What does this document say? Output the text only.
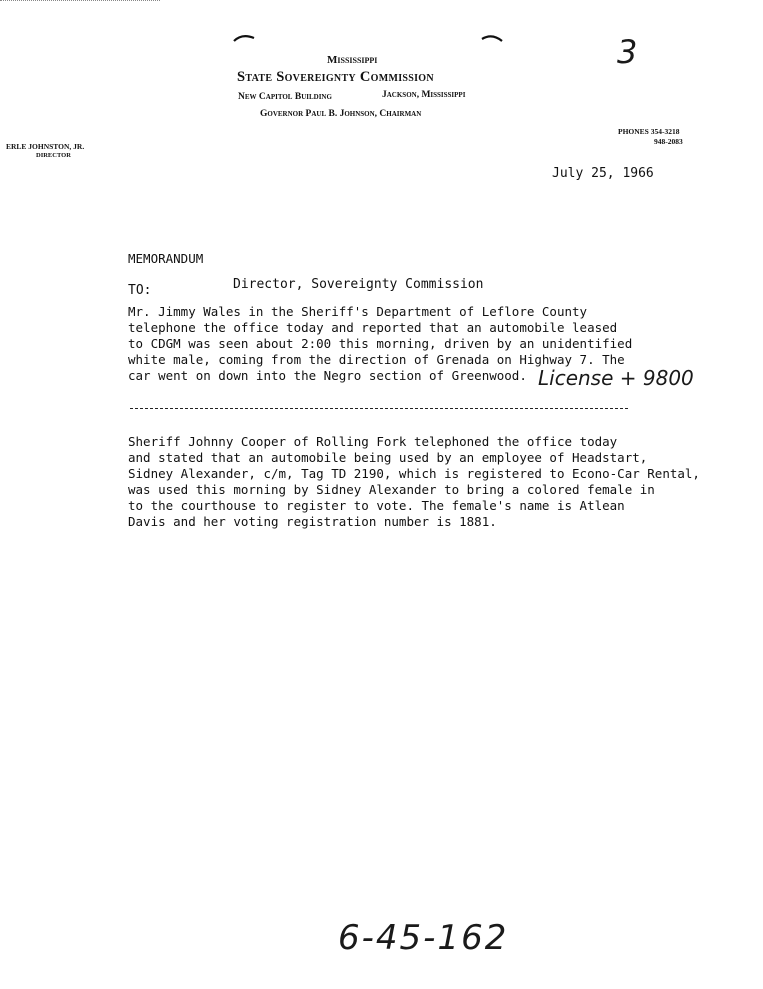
Mississippi
State Sovereignty Commission
New Capitol Building	Jackson, Mississippi
Governor Paul B. Johnson, Chairman
PHONES 354-3218
948-2083
ERLE JOHNSTON, JR.
DIRECTOR
3
July 25, 1966
MEMORANDUM
TO:	Director, Sovereignty Commission
Mr. Jimmy Wales in the Sheriff's Department of Leflore County
telephone the office today and reported that an automobile leased
to CDGM was seen about 2:00 this morning, driven by an unidentified
white male, coming from the direction of Grenada on Highway 7. The
car went on down into the Negro section of Greenwood. License + 9800
Sheriff Johnny Cooper of Rolling Fork telephoned the office today
and stated that an automobile being used by an employee of Headstart,
Sidney Alexander, c/m, Tag TD 2190, which is registered to Econo-Car Rental,
was used this morning by Sidney Alexander to bring a colored female in
to the courthouse to register to vote. The female's name is Atlean
Davis and her voting registration number is 1881.
6-45-162
